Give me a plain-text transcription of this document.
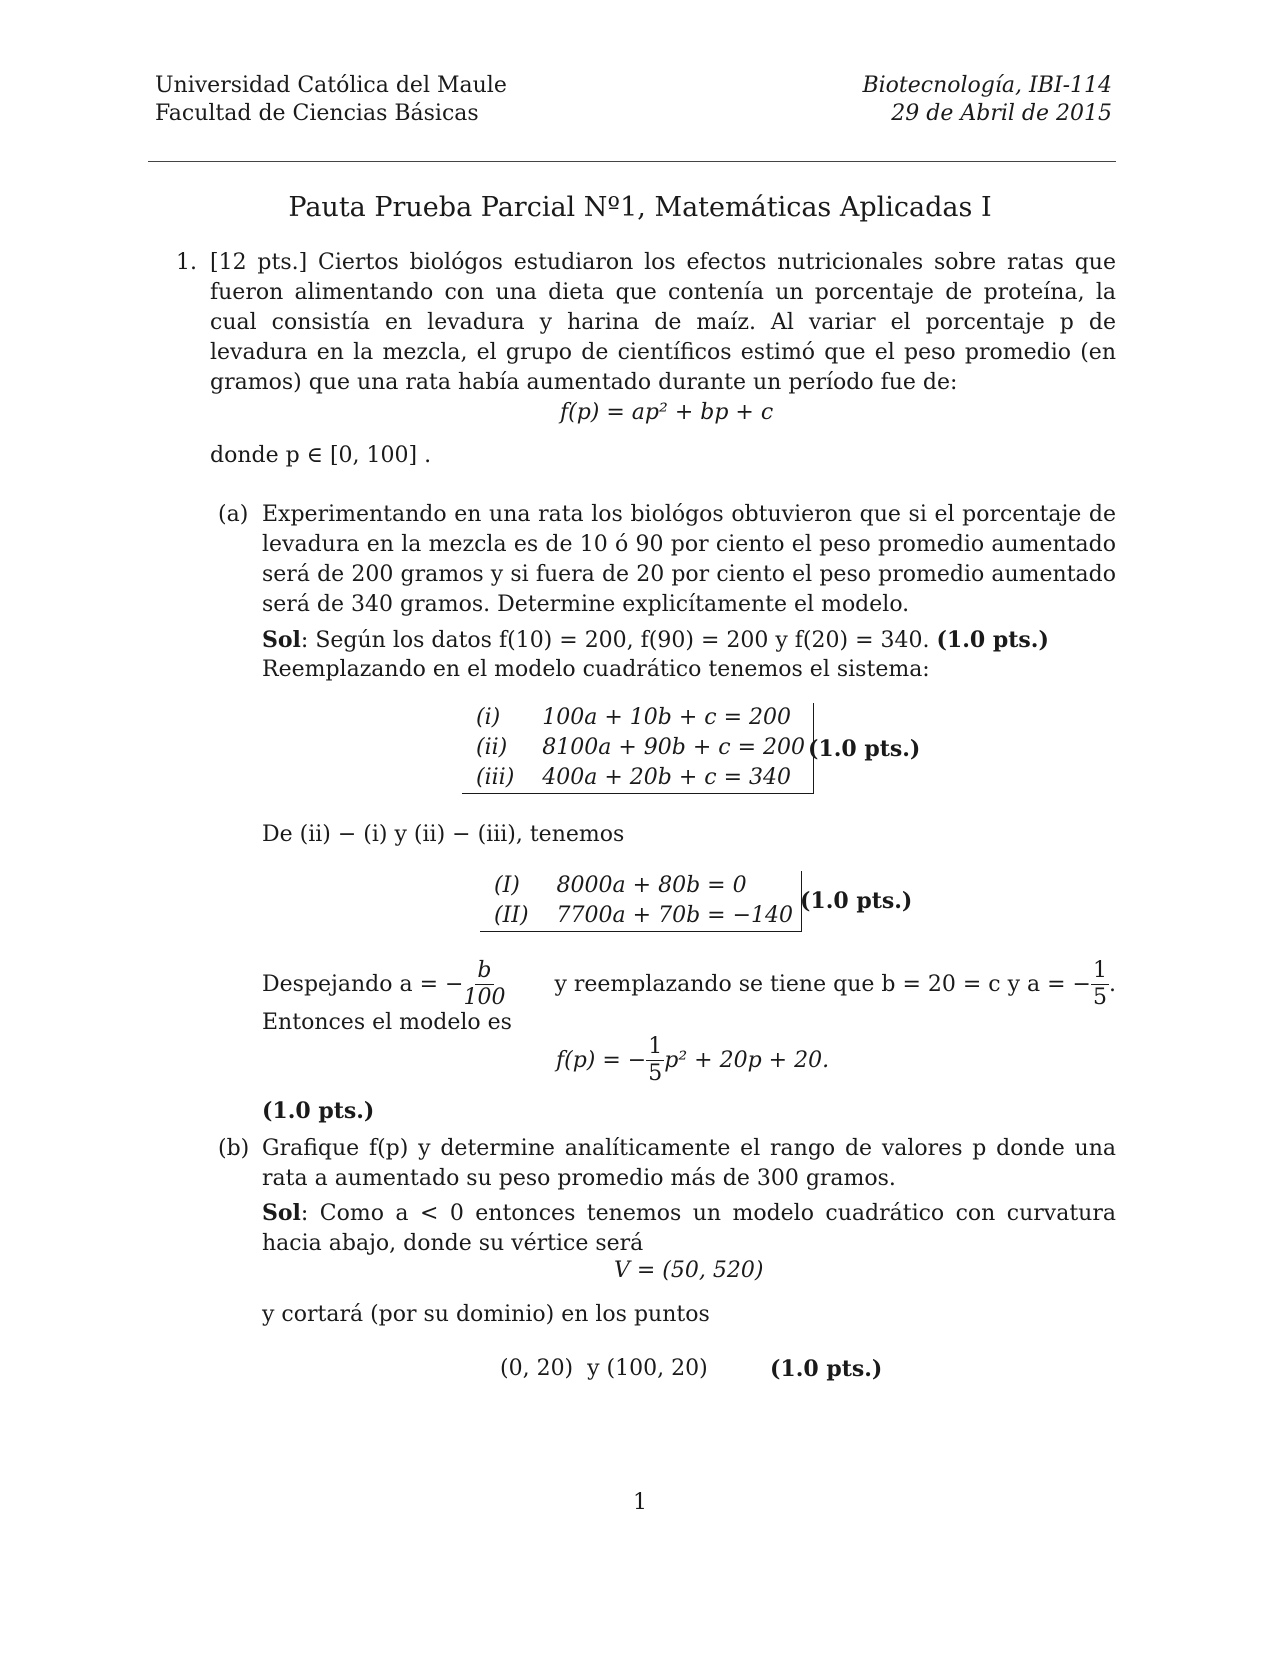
Universidad Católica del Maule
Facultad de Ciencias Básicas
Biotecnología, IBI-114
29 de Abril de 2015
Pauta Prueba Parcial Nº1, Matemáticas Aplicadas I
1. [12 pts.] Ciertos biológos estudiaron los efectos nutricionales sobre ratas que fueron alimentando con una dieta que contenía un porcentaje de proteína, la cual consistía en levadura y harina de maíz. Al variar el porcentaje p de levadura en la mezcla, el grupo de científicos estimó que el peso promedio (en gramos) que una rata había aumentado durante un período fue de:
f(p) = ap² + bp + c
donde p ∈ [0, 100] .
(a) Experimentando en una rata los biológos obtuvieron que si el porcentaje de levadura en la mezcla es de 10 ó 90 por ciento el peso promedio aumentado será de 200 gramos y si fuera de 20 por ciento el peso promedio aumentado será de 340 gramos. Determine explicítamente el modelo.
Sol: Según los datos f(10) = 200, f(90) = 200 y f(20) = 340. (1.0 pts.)
Reemplazando en el modelo cuadrático tenemos el sistema:
(i)	100a + 10b + c = 200
(ii)	8100a + 90b + c = 200
(iii)	400a + 20b + c = 340
(1.0 pts.)
De (ii) − (i) y (ii) − (iii), tenemos
(I)	8000a + 80b = 0
(II)	7700a + 70b = −140
(1.0 pts.)
Despejando a = − $\frac{b}{100}$ y reemplazando se tiene que b = 20 = c y a = − $\frac{1}{5}$ .
Entonces el modelo es
f(p) = − $\frac{1}{5} p^2 + 20p + 20$.
(1.0 pts.)
(b) Grafique f(p) y determine analíticamente el rango de valores p donde una rata a aumentado su peso promedio más de 300 gramos.
Sol: Como a < 0 entonces tenemos un modelo cuadrático con curvatura hacia abajo, donde su vértice será
V = (50, 520)
y cortará (por su dominio) en los puntos
(0, 20)  y (100, 20)	(1.0 pts.)
1
